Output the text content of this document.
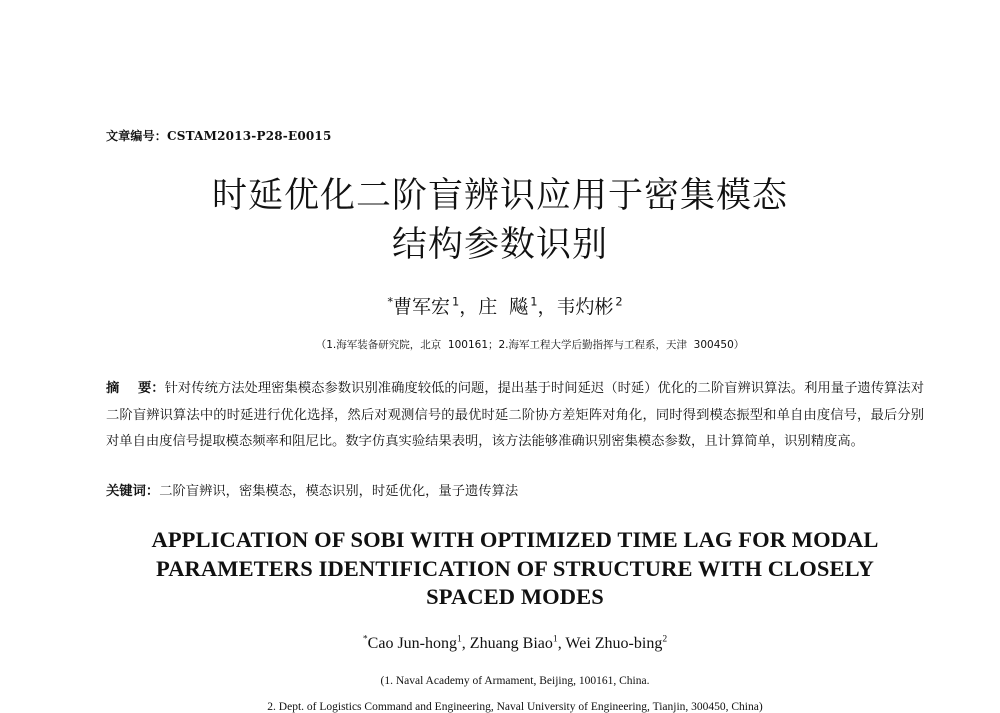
文章编号：CSTAM2013-P28-E0015
时延优化二阶盲辨识应用于密集模态
结构参数识别
*曹军宏  $^1$，庄  飚  $^1$，韦灼彬  $^2$
（1.海军装备研究院，北京  100161；2.海军工程大学后勤指挥与工程系，天津  300450）
摘    要：针对传统方法处理密集模态参数识别准确度较低的问题，提出基于时间延迟（时延）优化的二阶盲辨识算法。利用量子遗传算法对二阶盲辨识算法中的时延进行优化选择，然后对观测信号的最优时延二阶协方差矩阵对角化，同时得到模态振型和单自由度信号，最后分别对单自由度信号提取模态频率和阻尼比。数字仿真实验结果表明，该方法能够准确识别密集模态参数，且计算简单，识别精度高。
关键词：二阶盲辨识，密集模态，模态识别，时延优化，量子遗传算法
APPLICATION OF SOBI WITH OPTIMIZED TIME LAG FOR MODAL
PARAMETERS IDENTIFICATION OF STRUCTURE WITH CLOSELY
SPACED MODES
*Cao Jun-hong$^1$, Zhuang Biao$^1$, Wei Zhuo-bing$^2$
(1. Naval Academy of Armament, Beijing, 100161, China.
2. Dept. of Logistics Command and Engineering, Naval University of Engineering, Tianjin, 300450, China)
